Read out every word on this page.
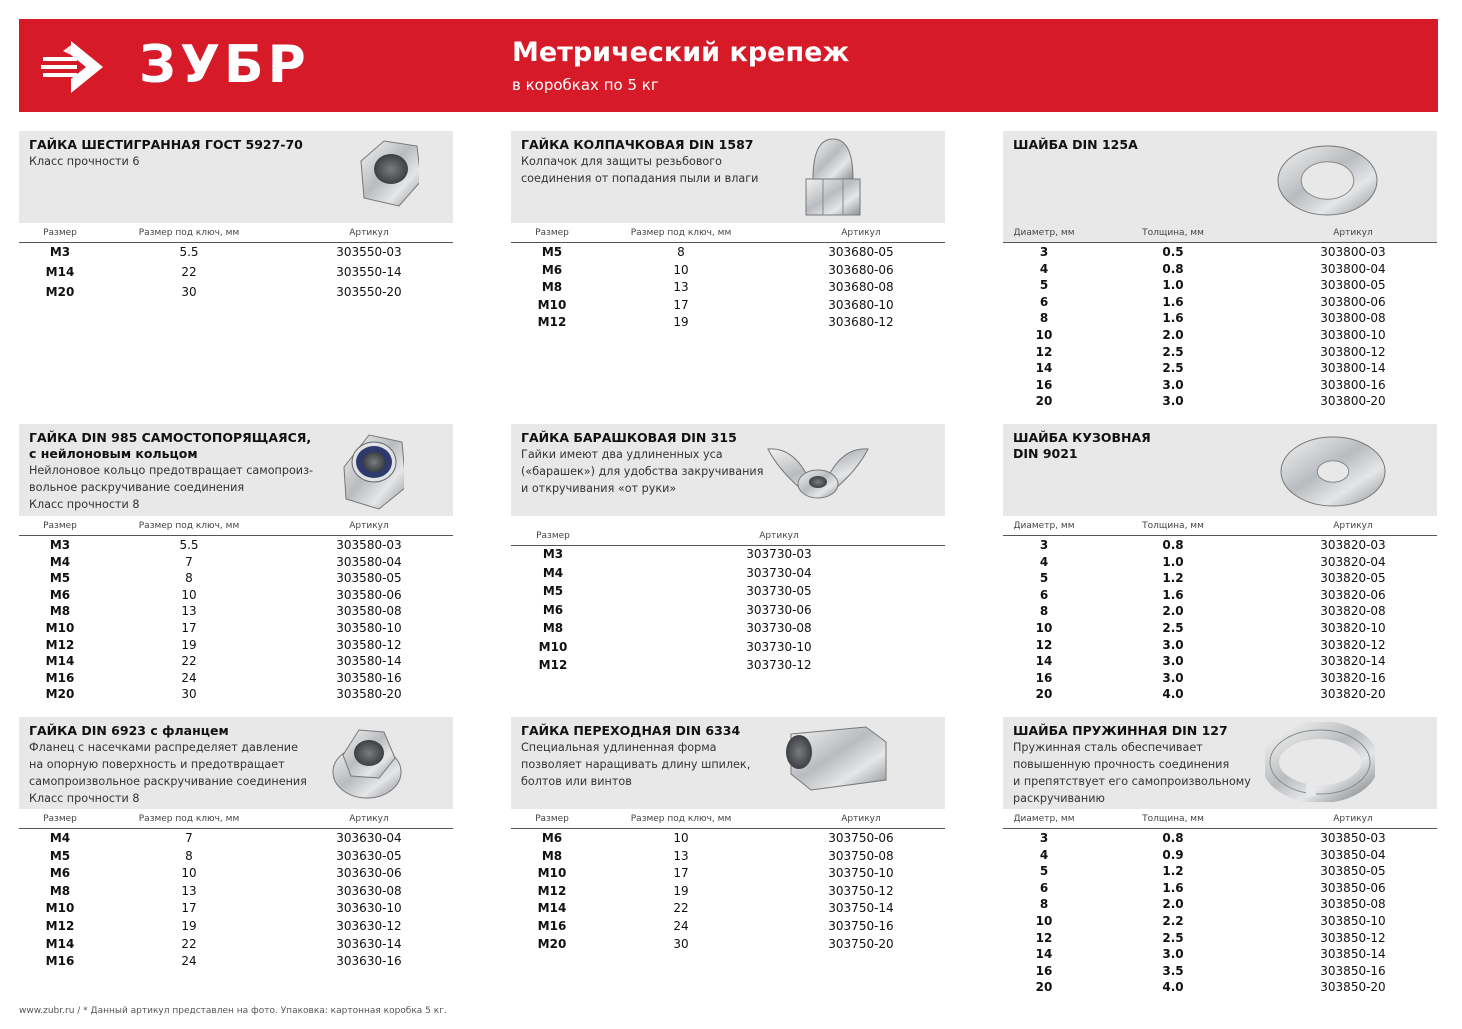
ЗУБР	Метрический крепеж
в коробках по 5 кг
ГАЙКА ШЕСТИГРАННАЯ ГОСТ 5927-70
Класс прочности 6
Размер	Размер под ключ, мм	Артикул
M3	5.5	303550-03
M14	22	303550-14
M20	30	303550-20
ГАЙКА КОЛПАЧКОВАЯ DIN 1587
Колпачок для защиты резьбового
соединения от попадания пыли и влаги
Размер	Размер под ключ, мм	Артикул
M5	8	303680-05
M6	10	303680-06
M8	13	303680-08
M10	17	303680-10
M12	19	303680-12
ШАЙБА DIN 125A
Диаметр, мм	Толщина, мм	Артикул
3	0.5	303800-03
4	0.8	303800-04
5	1.0	303800-05
6	1.6	303800-06
8	1.6	303800-08
10	2.0	303800-10
12	2.5	303800-12
14	2.5	303800-14
16	3.0	303800-16
20	3.0	303800-20
ГАЙКА DIN 985 САМОСТОПОРЯЩАЯСЯ,
с нейлоновым кольцом
Нейлоновое кольцо предотвращает самопроиз-
вольное раскручивание соединения
Класс прочности 8
Размер	Размер под ключ, мм	Артикул
M3	5.5	303580-03
M4	7	303580-04
M5	8	303580-05
M6	10	303580-06
M8	13	303580-08
M10	17	303580-10
M12	19	303580-12
M14	22	303580-14
M16	24	303580-16
M20	30	303580-20
ГАЙКА БАРАШКОВАЯ DIN 315
Гайки имеют два удлиненных уса
(«барашек») для удобства закручивания
и откручивания «от руки»
Размер	Артикул
M3	303730-03
M4	303730-04
M5	303730-05
M6	303730-06
M8	303730-08
M10	303730-10
M12	303730-12
ШАЙБА КУЗОВНАЯ
DIN 9021
Диаметр, мм	Толщина, мм	Артикул
3	0.8	303820-03
4	1.0	303820-04
5	1.2	303820-05
6	1.6	303820-06
8	2.0	303820-08
10	2.5	303820-10
12	3.0	303820-12
14	3.0	303820-14
16	3.0	303820-16
20	4.0	303820-20
ГАЙКА DIN 6923 с фланцем
Фланец с насечками распределяет давление
на опорную поверхность и предотвращает
самопроизвольное раскручивание соединения
Класс прочности 8
Размер	Размер под ключ, мм	Артикул
M4	7	303630-04
M5	8	303630-05
M6	10	303630-06
M8	13	303630-08
M10	17	303630-10
M12	19	303630-12
M14	22	303630-14
M16	24	303630-16
ГАЙКА ПЕРЕХОДНАЯ DIN 6334
Специальная удлиненная форма
позволяет наращивать длину шпилек,
болтов или винтов
Размер	Размер под ключ, мм	Артикул
M6	10	303750-06
M8	13	303750-08
M10	17	303750-10
M12	19	303750-12
M14	22	303750-14
M16	24	303750-16
M20	30	303750-20
ШАЙБА ПРУЖИННАЯ DIN 127
Пружинная сталь обеспечивает
повышенную прочность соединения
и препятствует его самопроизвольному
раскручиванию
Диаметр, мм	Толщина, мм	Артикул
3	0.8	303850-03
4	0.9	303850-04
5	1.2	303850-05
6	1.6	303850-06
8	2.0	303850-08
10	2.2	303850-10
12	2.5	303850-12
14	3.0	303850-14
16	3.5	303850-16
20	4.0	303850-20
www.zubr.ru / * Данный артикул представлен на фото. Упаковка: картонная коробка 5 кг.
